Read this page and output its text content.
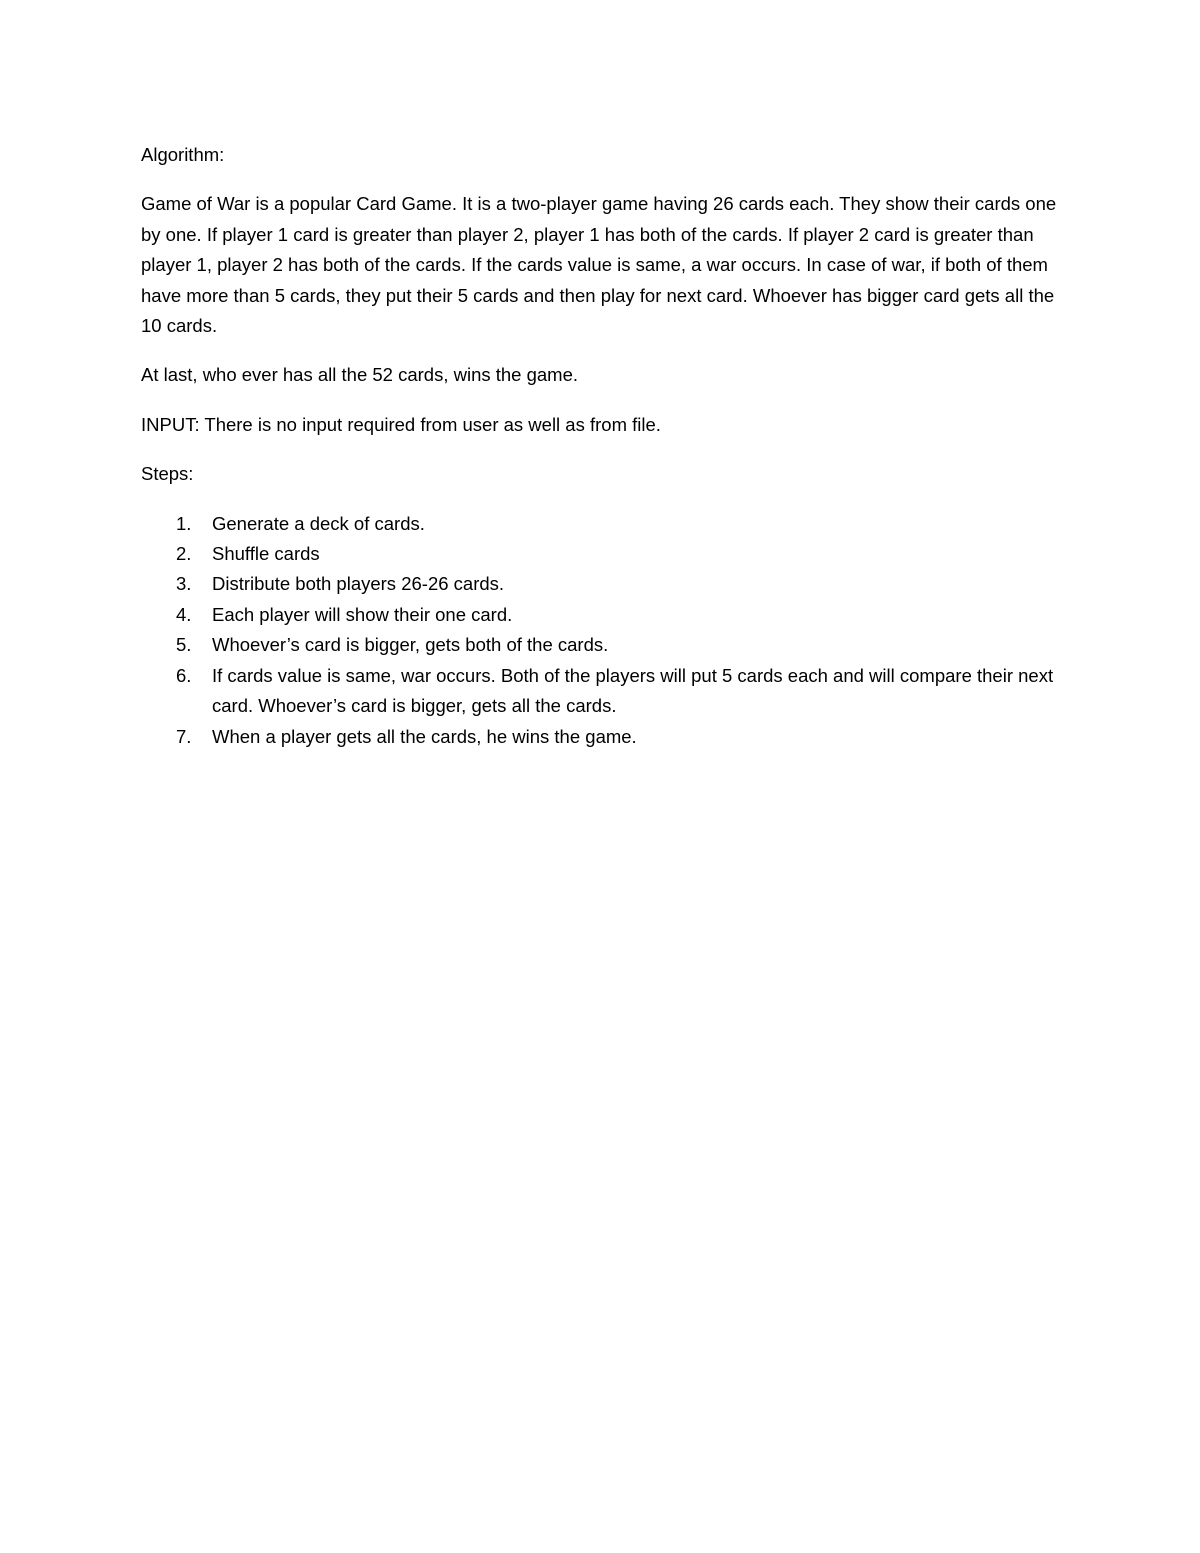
Algorithm:

Game of War is a popular Card Game. It is a two-player game having 26 cards each. They show their cards one by one. If player 1 card is greater than player 2, player 1 has both of the cards. If player 2 card is greater than player 1, player 2 has both of the cards. If the cards value is same, a war occurs. In case of war, if both of them have more than 5 cards, they put their 5 cards and then play for next card. Whoever has bigger card gets all the 10 cards.

At last, who ever has all the 52 cards, wins the game.

INPUT: There is no input required from user as well as from file.

Steps:

1. Generate a deck of cards.
2. Shuffle cards
3. Distribute both players 26-26 cards.
4. Each player will show their one card.
5. Whoever’s card is bigger, gets both of the cards.
6. If cards value is same, war occurs. Both of the players will put 5 cards each and will compare their next card. Whoever’s card is bigger, gets all the cards.
7. When a player gets all the cards, he wins the game.
